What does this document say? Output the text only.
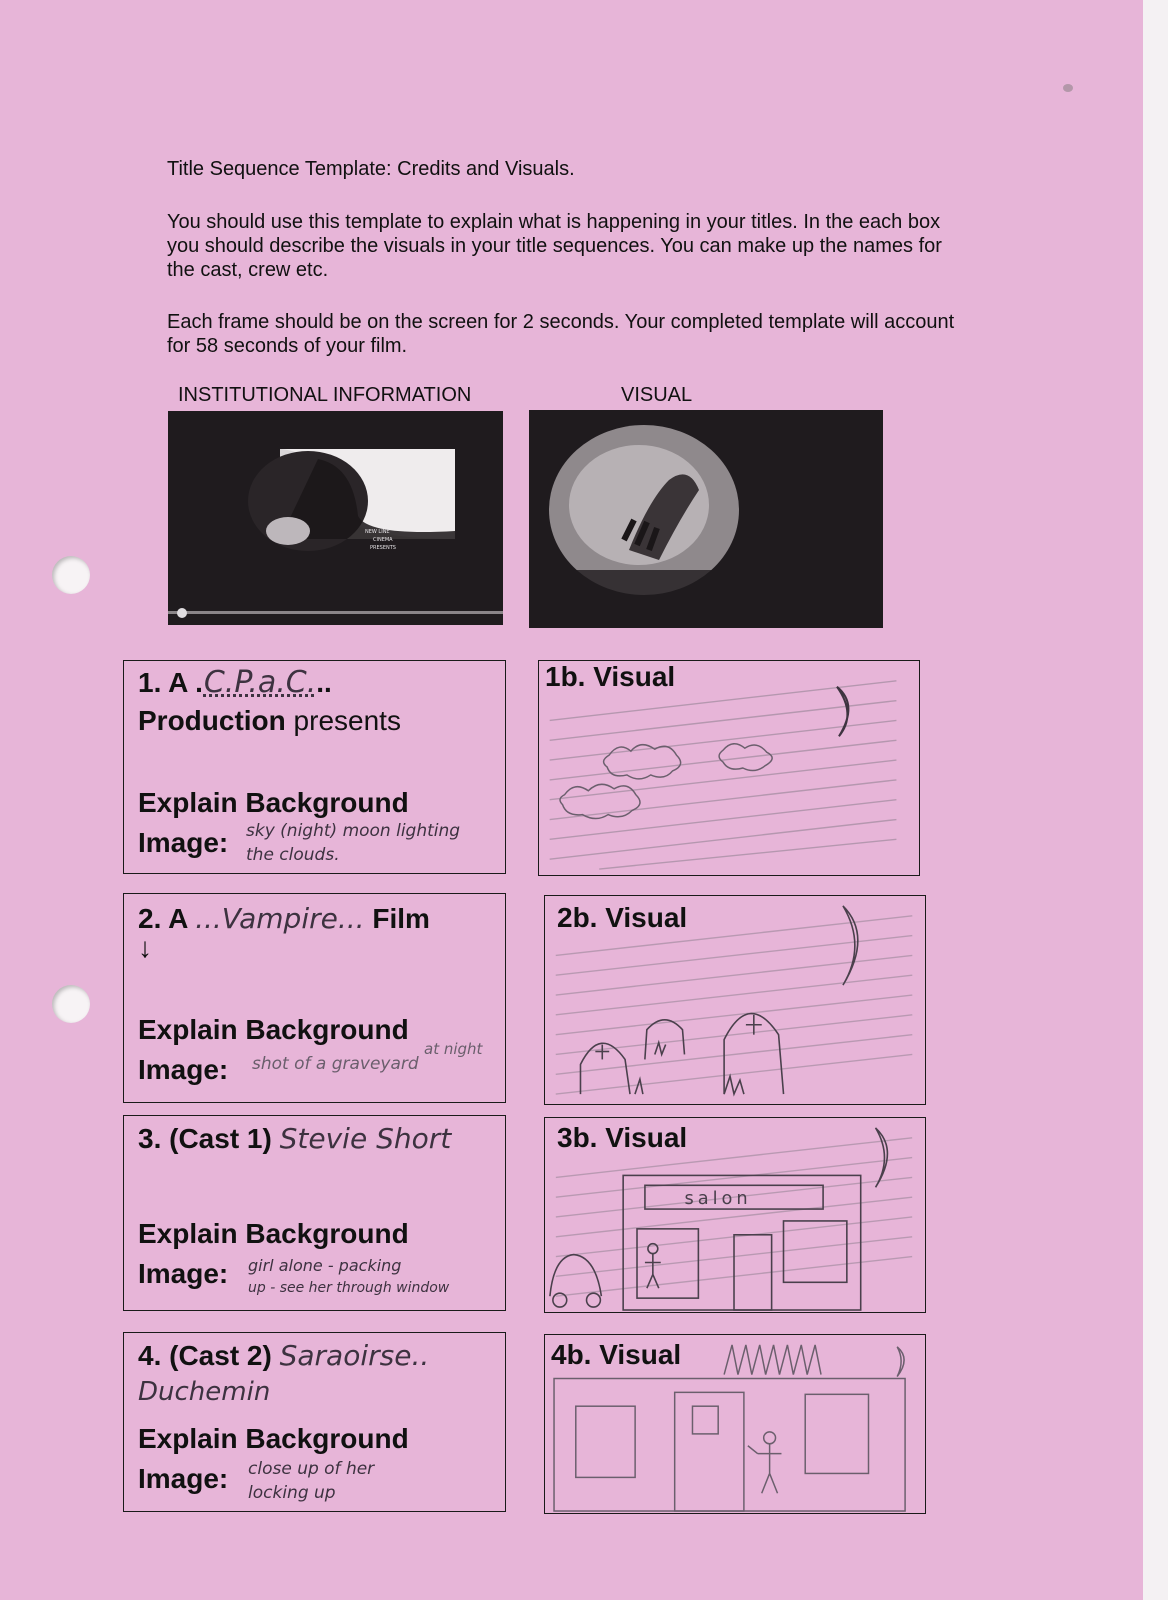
Title Sequence Template: Credits and Visuals.
You should use this template to explain what is happening in your titles. In the each box you should describe the visuals in your title sequences. You can make up the names for the cast, crew etc.
Each frame should be on the screen for 2 seconds. Your completed template will account for 58 seconds of your film.
INSTITUTIONAL INFORMATION	VISUAL
NEW LINE
CINEMA
PRESENTS
1. A .C.P.a.C...
Production presents
Explain Background
Image: sky (night) moon lighting
the clouds.
1b. Visual
2. A ...Vampire... Film
↓
Explain Background
Image: shot of a graveyard
at night
2b. Visual
3. (Cast 1) Stevie Short
Explain Background
Image: girl alone - packing
up - see her through window
salon
3b. Visual
4. (Cast 2) Saraoirse..
Duchemin
Explain Background
Image: close up of her
locking up
4b. Visual
